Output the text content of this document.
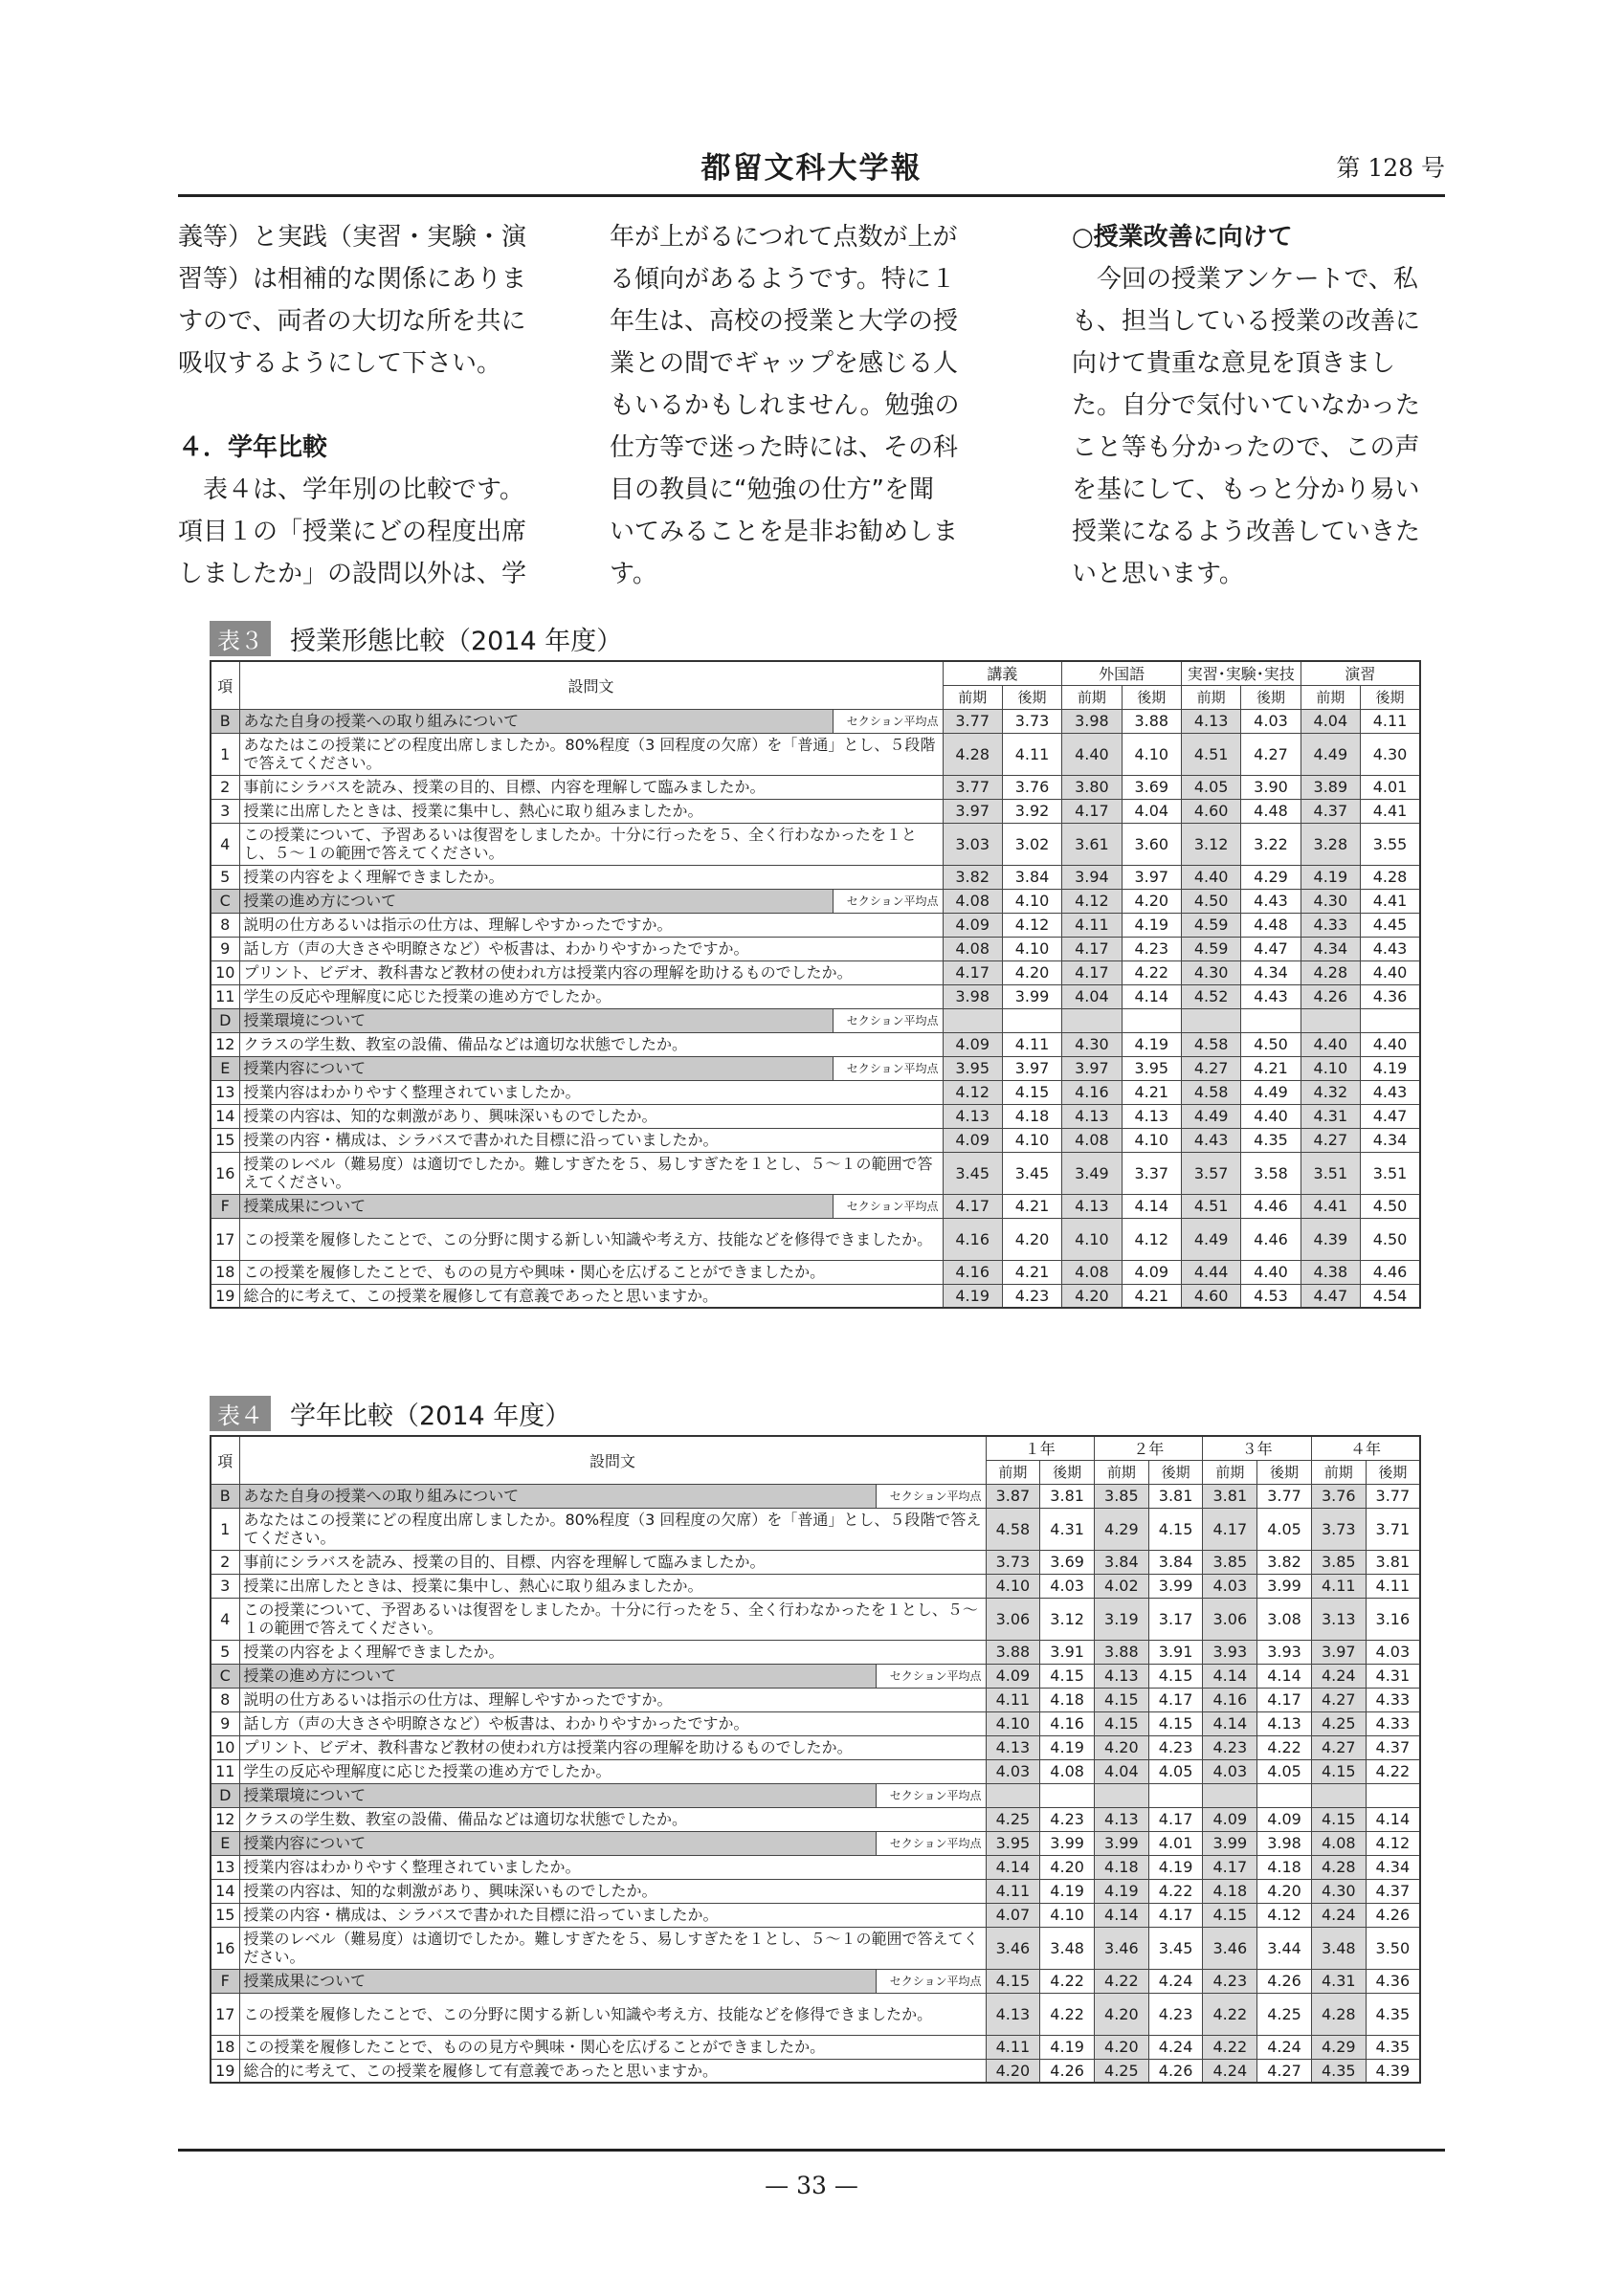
都留文科大学報	第 128 号

義等）と実践（実習・実験・演

習等）は相補的な関係にありま

すので、両者の大切な所を共に

吸収するようにして下さい。

４．学年比較

　表４は、学年別の比較です。

項目１の「授業にどの程度出席

しましたか」の設問以外は、学

年が上がるにつれて点数が上が

る傾向があるようです。特に１

年生は、高校の授業と大学の授

業との間でギャップを感じる人

もいるかもしれません。勉強の

仕方等で迷った時には、その科

目の教員に“勉強の仕方”を聞

いてみることを是非お勧めしま

す。

○授業改善に向けて

　今回の授業アンケートで、私

も、担当している授業の改善に

向けて貴重な意見を頂きまし

た。自分で気付いていなかった

こと等も分かったので、この声

を基にして、もっと分かり易い

授業になるよう改善していきた

いと思います。

表３ 授業形態比較（2014 年度）
項	設問文		講義		外国語		実習･実験･実技		演習	
			前期	後期	前期	後期	前期	後期	前期	後期
B	あなた自身の授業への取り組みについて	セクション平均点	3.77	3.73	3.98	3.88	4.13	4.03	4.04	4.11
1	あなたはこの授業にどの程度出席しましたか。80%程度（3 回程度の欠席）を「普通」とし、５段階で答えてください。		4.28	4.11	4.40	4.10	4.51	4.27	4.49	4.30
2	事前にシラバスを読み、授業の目的、目標、内容を理解して臨みましたか。		3.77	3.76	3.80	3.69	4.05	3.90	3.89	4.01
3	授業に出席したときは、授業に集中し、熱心に取り組みましたか。		3.97	3.92	4.17	4.04	4.60	4.48	4.37	4.41
4	この授業について、予習あるいは復習をしましたか。十分に行ったを５、全く行わなかったを１とし、５～１の範囲で答えてください。		3.03	3.02	3.61	3.60	3.12	3.22	3.28	3.55
5	授業の内容をよく理解できましたか。		3.82	3.84	3.94	3.97	4.40	4.29	4.19	4.28
C	授業の進め方について	セクション平均点	4.08	4.10	4.12	4.20	4.50	4.43	4.30	4.41
8	説明の仕方あるいは指示の仕方は、理解しやすかったですか。		4.09	4.12	4.11	4.19	4.59	4.48	4.33	4.45
9	話し方（声の大きさや明瞭さなど）や板書は、わかりやすかったですか。		4.08	4.10	4.17	4.23	4.59	4.47	4.34	4.43
10	プリント、ビデオ、教科書など教材の使われ方は授業内容の理解を助けるものでしたか。		4.17	4.20	4.17	4.22	4.30	4.34	4.28	4.40
11	学生の反応や理解度に応じた授業の進め方でしたか。		3.98	3.99	4.04	4.14	4.52	4.43	4.26	4.36
D	授業環境について	セクション平均点								
12	クラスの学生数、教室の設備、備品などは適切な状態でしたか。		4.09	4.11	4.30	4.19	4.58	4.50	4.40	4.40
E	授業内容について	セクション平均点	3.95	3.97	3.97	3.95	4.27	4.21	4.10	4.19
13	授業内容はわかりやすく整理されていましたか。		4.12	4.15	4.16	4.21	4.58	4.49	4.32	4.43
14	授業の内容は、知的な刺激があり、興味深いものでしたか。		4.13	4.18	4.13	4.13	4.49	4.40	4.31	4.47
15	授業の内容・構成は、シラバスで書かれた目標に沿っていましたか。		4.09	4.10	4.08	4.10	4.43	4.35	4.27	4.34
16	授業のレベル（難易度）は適切でしたか。難しすぎたを５、易しすぎたを１とし、５～１の範囲で答えてください。		3.45	3.45	3.49	3.37	3.57	3.58	3.51	3.51
F	授業成果について	セクション平均点	4.17	4.21	4.13	4.14	4.51	4.46	4.41	4.50
17	この授業を履修したことで、この分野に関する新しい知識や考え方、技能などを修得できましたか。		4.16	4.20	4.10	4.12	4.49	4.46	4.39	4.50
18	この授業を履修したことで、ものの見方や興味・関心を広げることができましたか。		4.16	4.21	4.08	4.09	4.44	4.40	4.38	4.46
19	総合的に考えて、この授業を履修して有意義であったと思いますか。		4.19	4.23	4.20	4.21	4.60	4.53	4.47	4.54
表４ 学年比較（2014 年度）
項	設問文		１年		２年		３年		４年	
			前期	後期	前期	後期	前期	後期	前期	後期
B	あなた自身の授業への取り組みについて	セクション平均点	3.87	3.81	3.85	3.81	3.81	3.77	3.76	3.77
1	あなたはこの授業にどの程度出席しましたか。80%程度（3 回程度の欠席）を「普通」とし、５段階で答えてください。		4.58	4.31	4.29	4.15	4.17	4.05	3.73	3.71
2	事前にシラバスを読み、授業の目的、目標、内容を理解して臨みましたか。		3.73	3.69	3.84	3.84	3.85	3.82	3.85	3.81
3	授業に出席したときは、授業に集中し、熱心に取り組みましたか。		4.10	4.03	4.02	3.99	4.03	3.99	4.11	4.11
4	この授業について、予習あるいは復習をしましたか。十分に行ったを５、全く行わなかったを１とし、５～１の範囲で答えてください。		3.06	3.12	3.19	3.17	3.06	3.08	3.13	3.16
5	授業の内容をよく理解できましたか。		3.88	3.91	3.88	3.91	3.93	3.93	3.97	4.03
C	授業の進め方について	セクション平均点	4.09	4.15	4.13	4.15	4.14	4.14	4.24	4.31
8	説明の仕方あるいは指示の仕方は、理解しやすかったですか。		4.11	4.18	4.15	4.17	4.16	4.17	4.27	4.33
9	話し方（声の大きさや明瞭さなど）や板書は、わかりやすかったですか。		4.10	4.16	4.15	4.15	4.14	4.13	4.25	4.33
10	プリント、ビデオ、教科書など教材の使われ方は授業内容の理解を助けるものでしたか。		4.13	4.19	4.20	4.23	4.23	4.22	4.27	4.37
11	学生の反応や理解度に応じた授業の進め方でしたか。		4.03	4.08	4.04	4.05	4.03	4.05	4.15	4.22
D	授業環境について	セクション平均点								
12	クラスの学生数、教室の設備、備品などは適切な状態でしたか。		4.25	4.23	4.13	4.17	4.09	4.09	4.15	4.14
E	授業内容について	セクション平均点	3.95	3.99	3.99	4.01	3.99	3.98	4.08	4.12
13	授業内容はわかりやすく整理されていましたか。		4.14	4.20	4.18	4.19	4.17	4.18	4.28	4.34
14	授業の内容は、知的な刺激があり、興味深いものでしたか。		4.11	4.19	4.19	4.22	4.18	4.20	4.30	4.37
15	授業の内容・構成は、シラバスで書かれた目標に沿っていましたか。		4.07	4.10	4.14	4.17	4.15	4.12	4.24	4.26
16	授業のレベル（難易度）は適切でしたか。難しすぎたを５、易しすぎたを１とし、５～１の範囲で答えてください。		3.46	3.48	3.46	3.45	3.46	3.44	3.48	3.50
F	授業成果について	セクション平均点	4.15	4.22	4.22	4.24	4.23	4.26	4.31	4.36
17	この授業を履修したことで、この分野に関する新しい知識や考え方、技能などを修得できましたか。		4.13	4.22	4.20	4.23	4.22	4.25	4.28	4.35
18	この授業を履修したことで、ものの見方や興味・関心を広げることができましたか。		4.11	4.19	4.20	4.24	4.22	4.24	4.29	4.35
19	総合的に考えて、この授業を履修して有意義であったと思いますか。		4.20	4.26	4.25	4.26	4.24	4.27	4.35	4.39
— 33 —
